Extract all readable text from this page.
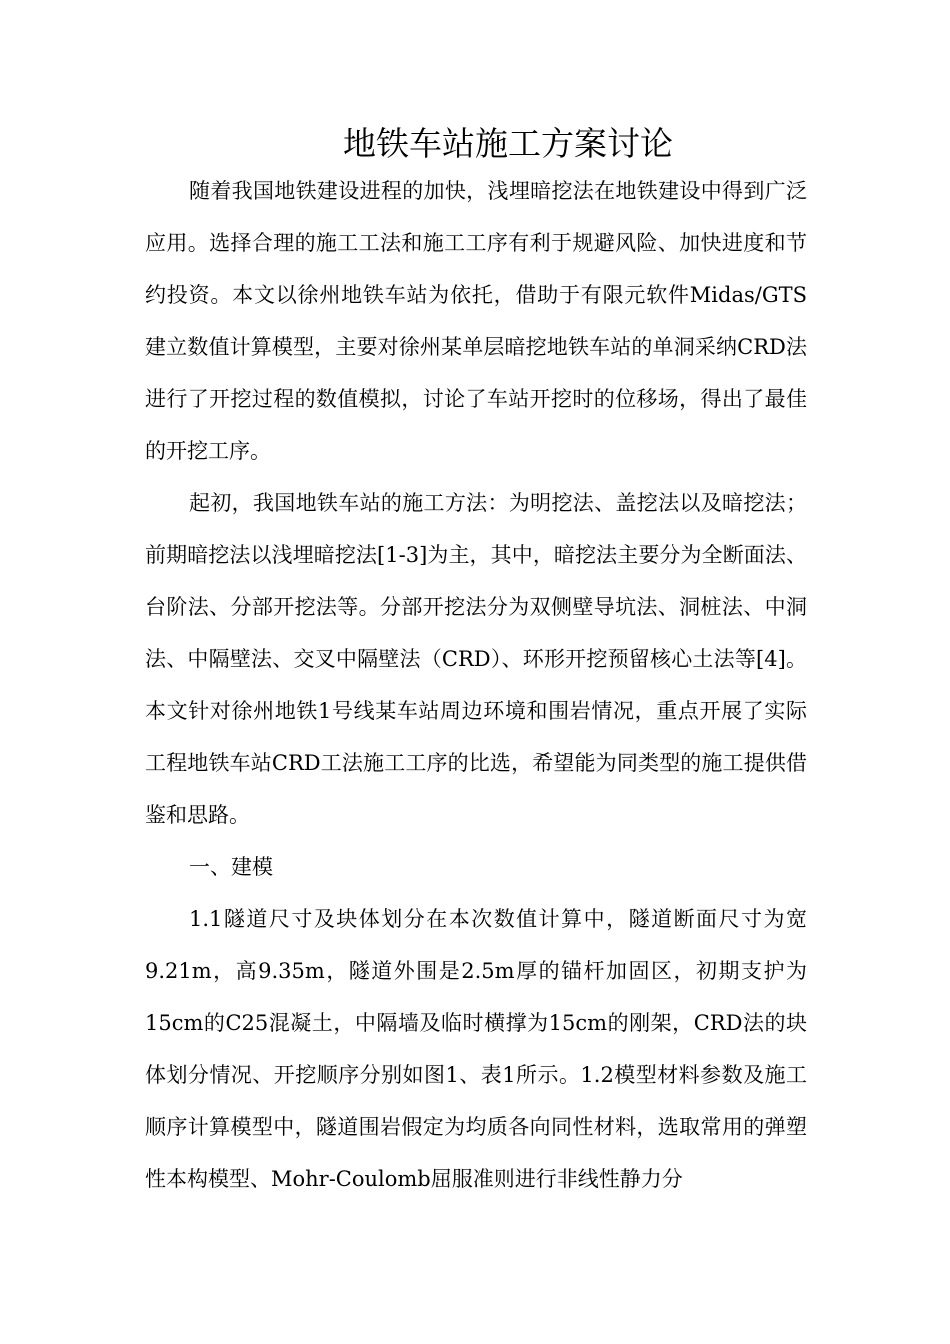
地铁车站施工方案讨论

随着我国地铁建设进程的加快，浅埋暗挖法在地铁建设中得到广泛应用。选择合理的施工工法和施工工序有利于规避风险、加快进度和节约投资。本文以徐州地铁车站为依托，借助于有限元软件Midas/GTS建立数值计算模型，主要对徐州某单层暗挖地铁车站的单洞采纳CRD法进行了开挖过程的数值模拟，讨论了车站开挖时的位移场，得出了最佳的开挖工序。

起初，我国地铁车站的施工方法：为明挖法、盖挖法以及暗挖法；前期暗挖法以浅埋暗挖法[1-3]为主，其中，暗挖法主要分为全断面法、台阶法、分部开挖法等。分部开挖法分为双侧壁导坑法、洞桩法、中洞法、中隔壁法、交叉中隔壁法（CRD）、环形开挖预留核心土法等[4]。本文针对徐州地铁1号线某车站周边环境和围岩情况，重点开展了实际工程地铁车站CRD工法施工工序的比选，希望能为同类型的施工提供借鉴和思路。

一、建模

1.1隧道尺寸及块体划分在本次数值计算中，隧道断面尺寸为宽9.21m，高9.35m，隧道外围是2.5m厚的锚杆加固区，初期支护为15cm的C25混凝土，中隔墙及临时横撑为15cm的刚架，CRD法的块体划分情况、开挖顺序分别如图1、表1所示。1.2模型材料参数及施工顺序计算模型中，隧道围岩假定为均质各向同性材料，选取常用的弹塑性本构模型、Mohr-Coulomb屈服准则进行非线性静力分
